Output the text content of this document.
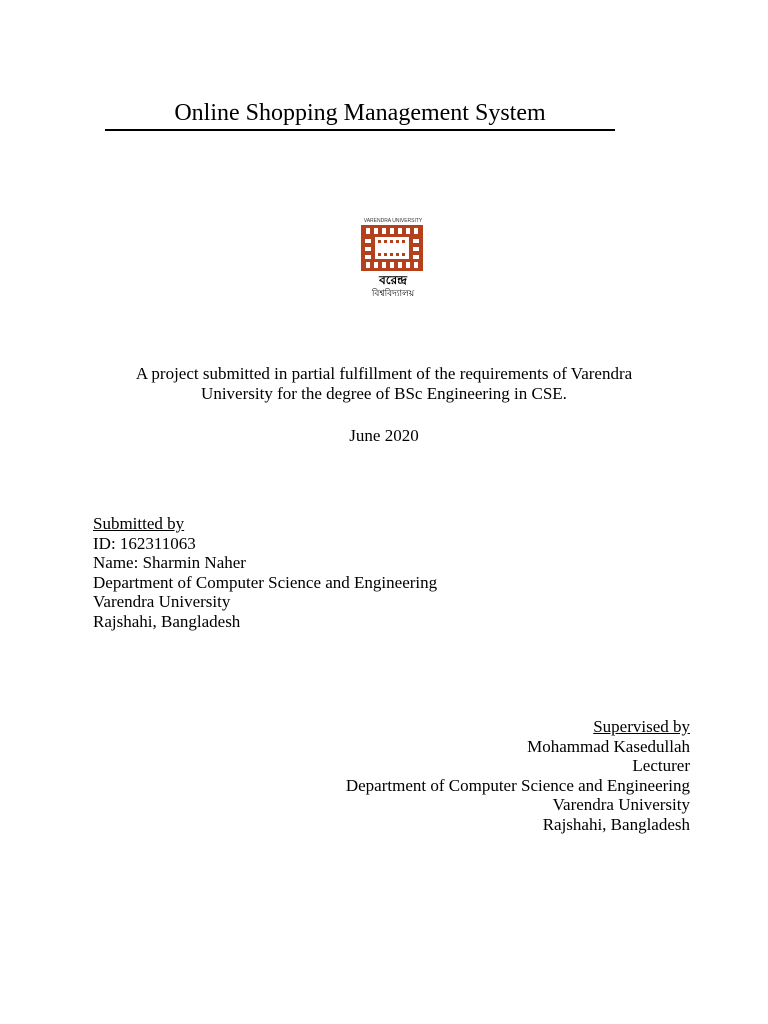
Online Shopping Management System
VARENDRA UNIVERSITY
বরেন্দ্র
বিশ্ববিদ্যালয়
A project submitted in partial fulfillment of the requirements of Varendra
University for the degree of BSc Engineering in CSE.
June 2020
Submitted by
ID: 162311063
Name: Sharmin Naher
Department of Computer Science and Engineering
Varendra University
Rajshahi, Bangladesh
Supervised by
Mohammad Kasedullah
Lecturer
Department of Computer Science and Engineering
Varendra University
Rajshahi, Bangladesh
